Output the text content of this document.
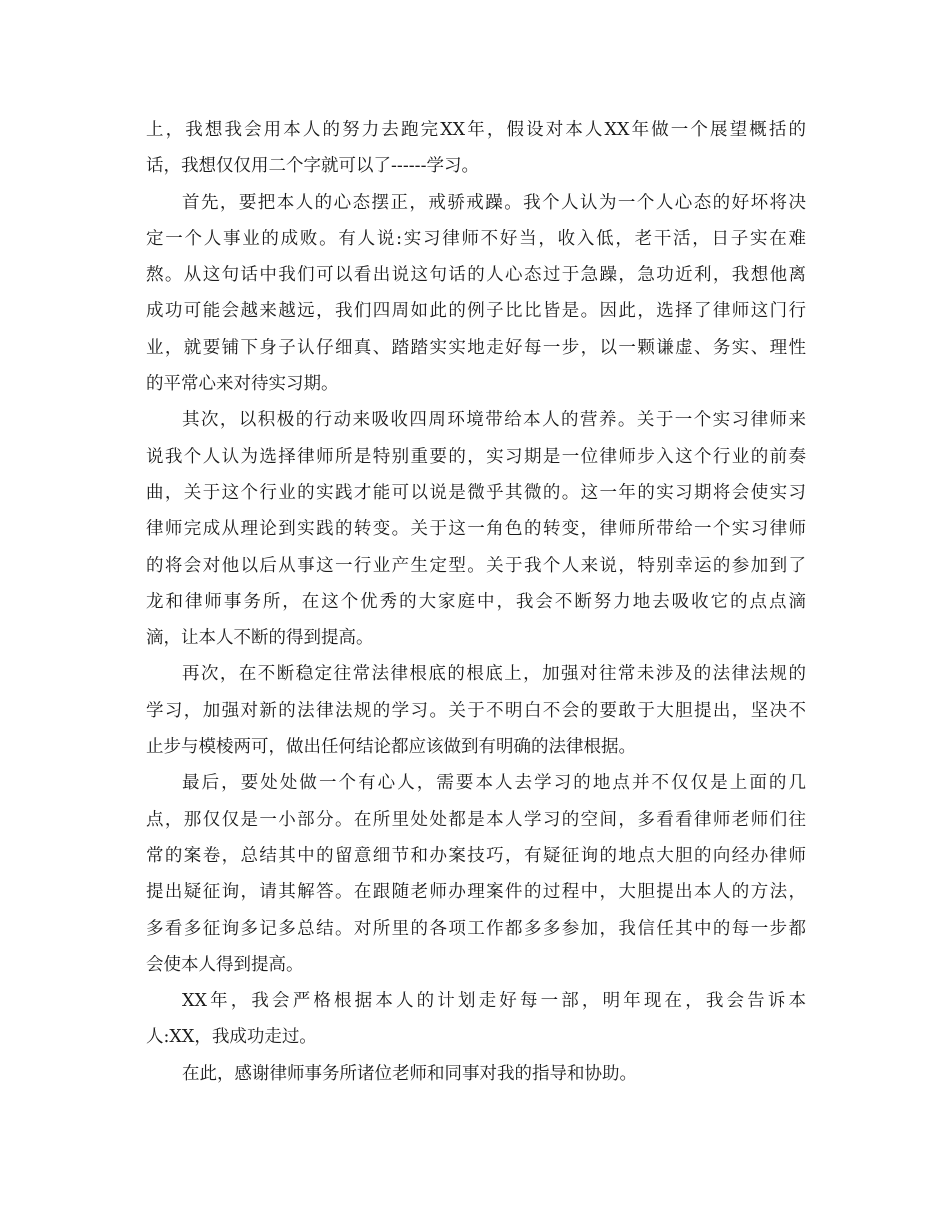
上，我想我会用本人的努力去跑完XX年，假设对本人XX年做一个展望概括的
话，我想仅仅用二个字就可以了------学习。
首先，要把本人的心态摆正，戒骄戒躁。我个人认为一个人心态的好坏将决
定一个人事业的成败。有人说:实习律师不好当，收入低，老干活，日子实在难
熬。从这句话中我们可以看出说这句话的人心态过于急躁，急功近利，我想他离
成功可能会越来越远，我们四周如此的例子比比皆是。因此，选择了律师这门行
业，就要铺下身子认仔细真、踏踏实实地走好每一步，以一颗谦虚、务实、理性
的平常心来对待实习期。
其次，以积极的行动来吸收四周环境带给本人的营养。关于一个实习律师来
说我个人认为选择律师所是特别重要的，实习期是一位律师步入这个行业的前奏
曲，关于这个行业的实践才能可以说是微乎其微的。这一年的实习期将会使实习
律师完成从理论到实践的转变。关于这一角色的转变，律师所带给一个实习律师
的将会对他以后从事这一行业产生定型。关于我个人来说，特别幸运的参加到了
龙和律师事务所，在这个优秀的大家庭中，我会不断努力地去吸收它的点点滴
滴，让本人不断的得到提高。
再次，在不断稳定往常法律根底的根底上，加强对往常未涉及的法律法规的
学习，加强对新的法律法规的学习。关于不明白不会的要敢于大胆提出，坚决不
止步与模棱两可，做出任何结论都应该做到有明确的法律根据。
最后，要处处做一个有心人，需要本人去学习的地点并不仅仅是上面的几
点，那仅仅是一小部分。在所里处处都是本人学习的空间，多看看律师老师们往
常的案卷，总结其中的留意细节和办案技巧，有疑征询的地点大胆的向经办律师
提出疑征询，请其解答。在跟随老师办理案件的过程中，大胆提出本人的方法，
多看多征询多记多总结。对所里的各项工作都多多参加，我信任其中的每一步都
会使本人得到提高。
XX年，我会严格根据本人的计划走好每一部，明年现在，我会告诉本
人:XX，我成功走过。
在此，感谢律师事务所诸位老师和同事对我的指导和协助。
